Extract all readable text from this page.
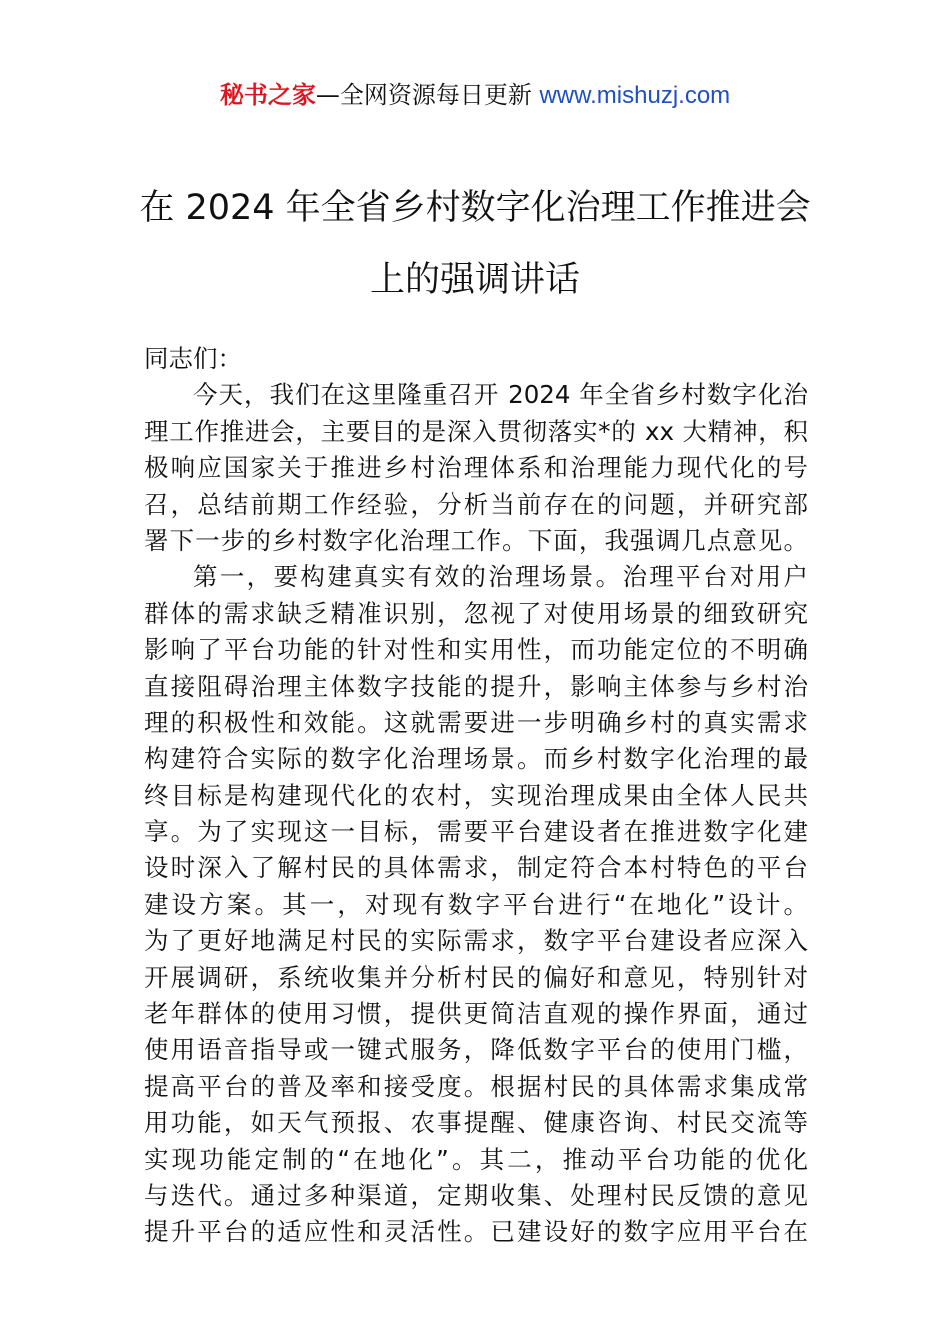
秘书之家—全网资源每日更新 www.mishuzj.com
在 2024 年全省乡村数字化治理工作推进会
上的强调讲话
同志们：
今天，我们在这里隆重召开 2024 年全省乡村数字化治
理工作推进会，主要目的是深入贯彻落实*的 xx 大精神，积
极响应国家关于推进乡村治理体系和治理能力现代化的号
召，总结前期工作经验，分析当前存在的问题，并研究部
署下一步的乡村数字化治理工作。下面，我强调几点意见。
第一，要构建真实有效的治理场景。治理平台对用户
群体的需求缺乏精准识别，忽视了对使用场景的细致研究
影响了平台功能的针对性和实用性，而功能定位的不明确
直接阻碍治理主体数字技能的提升，影响主体参与乡村治
理的积极性和效能。这就需要进一步明确乡村的真实需求
构建符合实际的数字化治理场景。而乡村数字化治理的最
终目标是构建现代化的农村，实现治理成果由全体人民共
享。为了实现这一目标，需要平台建设者在推进数字化建
设时深入了解村民的具体需求，制定符合本村特色的平台
建设方案。其一，对现有数字平台进行“在地化”设计。
为了更好地满足村民的实际需求，数字平台建设者应深入
开展调研，系统收集并分析村民的偏好和意见，特别针对
老年群体的使用习惯，提供更简洁直观的操作界面，通过
使用语音指导或一键式服务，降低数字平台的使用门槛，
提高平台的普及率和接受度。根据村民的具体需求集成常
用功能，如天气预报、农事提醒、健康咨询、村民交流等
实现功能定制的“在地化”。其二，推动平台功能的优化
与迭代。通过多种渠道，定期收集、处理村民反馈的意见
提升平台的适应性和灵活性。已建设好的数字应用平台在
